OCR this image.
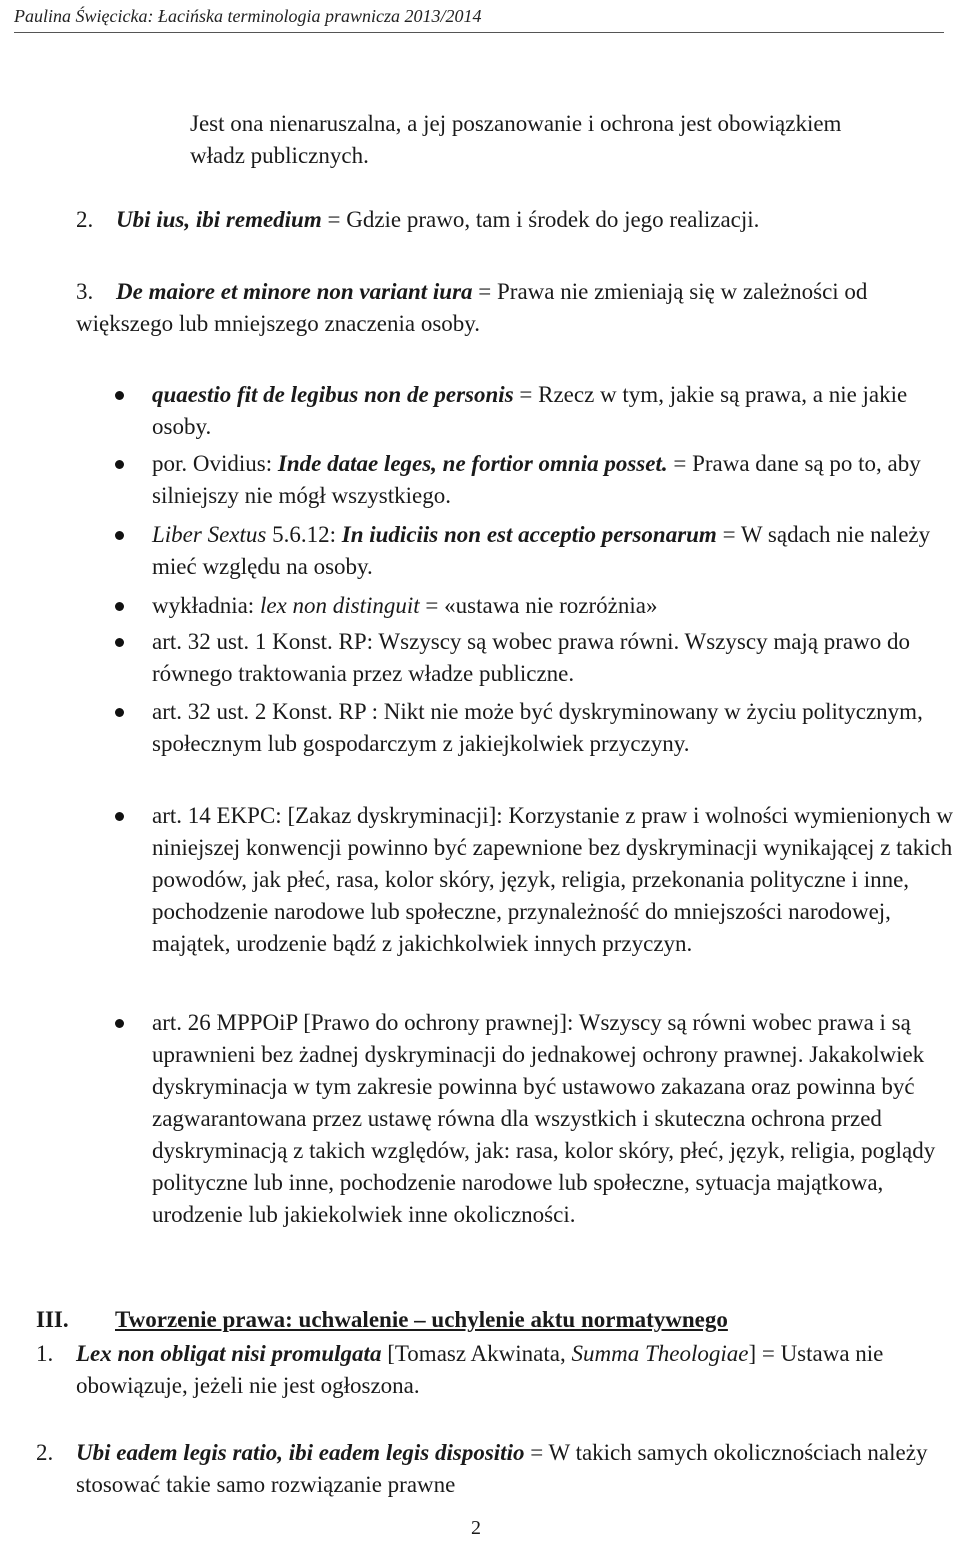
Paulina Święcicka: Łacińska terminologia prawnicza 2013/2014

Jest ona nienaruszalna, a jej poszanowanie i ochrona jest obowiązkiem władz publicznych.

2. Ubi ius, ibi remedium = Gdzie prawo, tam i środek do jego realizacji.

3. De maiore et minore non variant iura = Prawa nie zmieniają się w zależności od większego lub mniejszego znaczenia osoby.

quaestio fit de legibus non de personis = Rzecz w tym, jakie są prawa, a nie jakie osoby.

por. Ovidius: Inde datae leges, ne fortior omnia posset. = Prawa dane są po to, aby silniejszy nie mógł wszystkiego.

Liber Sextus 5.6.12: In iudiciis non est acceptio personarum = W sądach nie należy mieć względu na osoby.

wykładnia: lex non distinguit = «ustawa nie rozróżnia»

art. 32 ust. 1 Konst. RP: Wszyscy są wobec prawa równi. Wszyscy mają prawo do równego traktowania przez władze publiczne.

art. 32 ust. 2 Konst. RP : Nikt nie może być dyskryminowany w życiu politycznym, społecznym lub gospodarczym z jakiejkolwiek przyczyny.

art. 14 EKPC: [Zakaz dyskryminacji]: Korzystanie z praw i wolności wymienionych w niniejszej konwencji powinno być zapewnione bez dyskryminacji wynikającej z takich powodów, jak płeć, rasa, kolor skóry, język, religia, przekonania polityczne i inne, pochodzenie narodowe lub społeczne, przynależność do mniejszości narodowej, majątek, urodzenie bądź z jakichkolwiek innych przyczyn.

art. 26 MPPOiP [Prawo do ochrony prawnej]: Wszyscy są równi wobec prawa i są uprawnieni bez żadnej dyskryminacji do jednakowej ochrony prawnej. Jakakolwiek dyskryminacja w tym zakresie powinna być ustawowo zakazana oraz powinna być zagwarantowana przez ustawę równa dla wszystkich i skuteczna ochrona przed dyskryminacją z takich względów, jak: rasa, kolor skóry, płeć, język, religia, poglądy polityczne lub inne, pochodzenie narodowe lub społeczne, sytuacja majątkowa, urodzenie lub jakiekolwiek inne okoliczności.

III. Tworzenie prawa: uchwalenie – uchylenie aktu normatywnego
1. Lex non obligat nisi promulgata [Tomasz Akwinata, Summa Theologiae] = Ustawa nie obowiązuje, jeżeli nie jest ogłoszona.

2. Ubi eadem legis ratio, ibi eadem legis dispositio = W takich samych okolicznościach należy stosować takie samo rozwiązanie prawne

2
